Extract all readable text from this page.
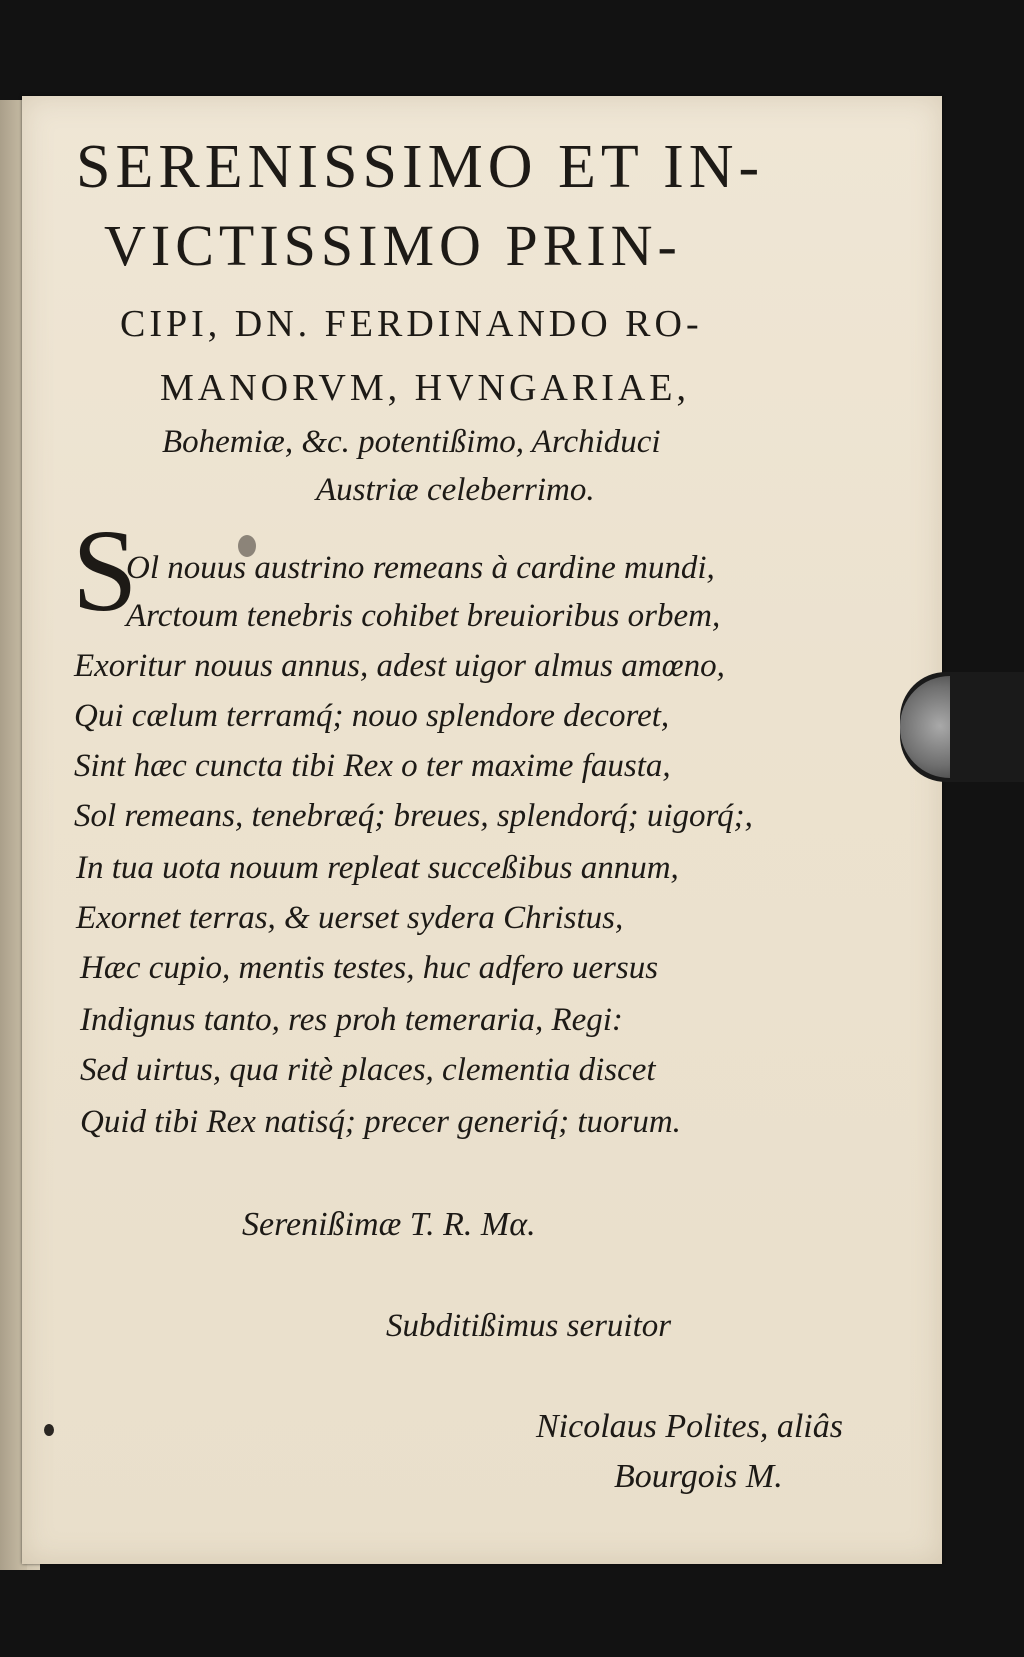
SERENISSIMO ET IN-
VICTISSIMO PRIN-
CIPI, DN. FERDINANDO RO-
MANORVM, HVNGARIAE,
Bohemiæ, &c. potentißimo, Archiduci
Austriæ celeberrimo.
S
Ol nouus austrino remeans à cardine mundi,
Arctoum tenebris cohibet breuioribus orbem,
Exoritur nouus annus, adest uigor almus amœno,
Qui cælum terramq́; nouo splendore decoret,
Sint hæc cuncta tibi Rex o ter maxime fausta,
Sol remeans, tenebræq́; breues, splendorq́; uigorq́;,
In tua uota nouum repleat succeßibus annum,
Exornet terras, & uerset sydera Christus,
Hæc cupio, mentis testes, huc adfero uersus
Indignus tanto, res proh temeraria, Regi:
Sed uirtus, qua ritè places, clementia discet
Quid tibi Rex natisq́; precer generiq́; tuorum.
Serenißimæ T. R. Mα.
Subditißimus seruitor
Nicolaus Polites, aliâs
Bourgois M.
